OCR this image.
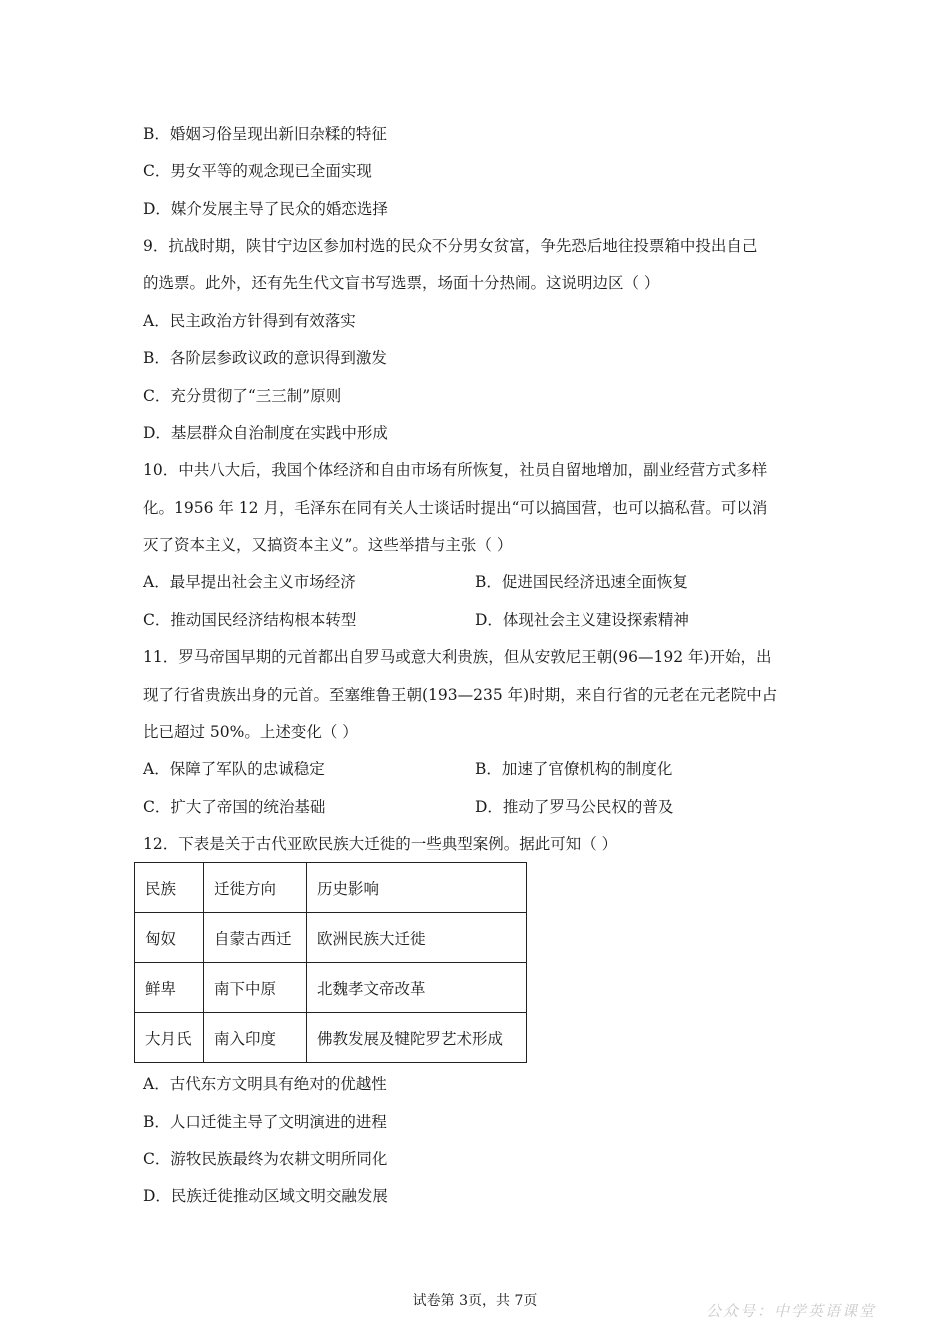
B．婚姻习俗呈现出新旧杂糅的特征
C．男女平等的观念现已全面实现
D．媒介发展主导了民众的婚恋选择
9．抗战时期，陕甘宁边区参加村选的民众不分男女贫富，争先恐后地往投票箱中投出自己
的选票。此外，还有先生代文盲书写选票，场面十分热闹。这说明边区（ ）
A．民主政治方针得到有效落实
B．各阶层参政议政的意识得到激发
C．充分贯彻了“三三制”原则
D．基层群众自治制度在实践中形成
10．中共八大后，我国个体经济和自由市场有所恢复，社员自留地增加，副业经营方式多样
化。1956 年 12 月，毛泽东在同有关人士谈话时提出“可以搞国营，也可以搞私营。可以消
灭了资本主义，又搞资本主义”。这些举措与主张（ ）
A．最早提出社会主义市场经济	B．促进国民经济迅速全面恢复
C．推动国民经济结构根本转型	D．体现社会主义建设探索精神
11．罗马帝国早期的元首都出自罗马或意大利贵族，但从安敦尼王朝(96—192 年)开始，出
现了行省贵族出身的元首。至塞维鲁王朝(193—235 年)时期，来自行省的元老在元老院中占
比已超过 50%。上述变化（ ）
A．保障了军队的忠诚稳定	B．加速了官僚机构的制度化
C．扩大了帝国的统治基础	D．推动了罗马公民权的普及
12．下表是关于古代亚欧民族大迁徙的一些典型案例。据此可知（ ）
民族	迁徙方向	历史影响
匈奴	自蒙古西迁	欧洲民族大迁徙
鲜卑	南下中原	北魏孝文帝改革
大月氏	南入印度	佛教发展及犍陀罗艺术形成
A．古代东方文明具有绝对的优越性
B．人口迁徙主导了文明演进的进程
C．游牧民族最终为农耕文明所同化
D．民族迁徙推动区域文明交融发展
试卷第 3页，共 7页
公众号：中学英语课堂
